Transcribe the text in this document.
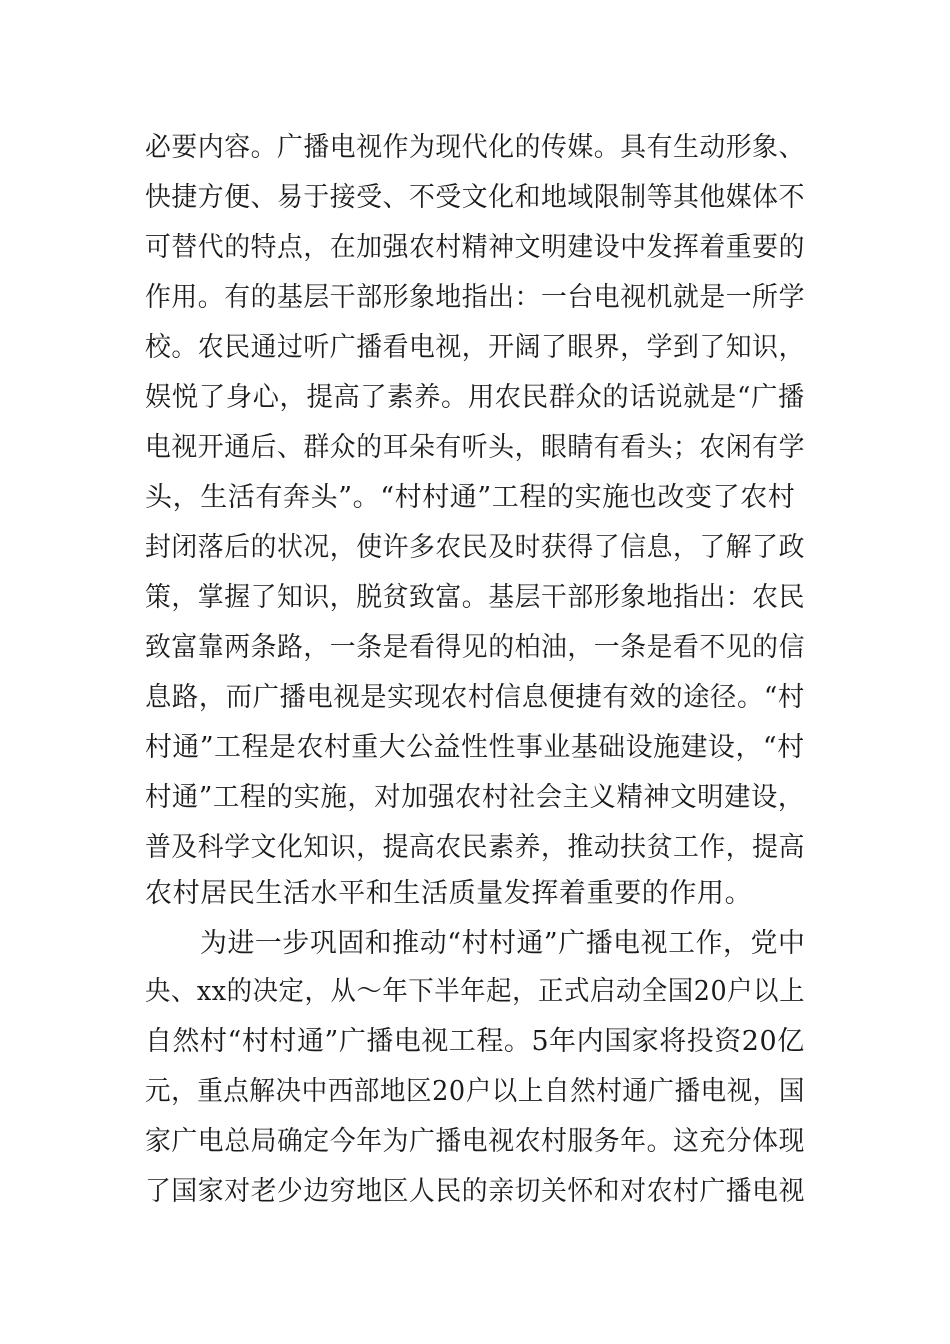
必要内容。广播电视作为现代化的传媒。具有生动形象、
快捷方便、易于接受、不受文化和地域限制等其他媒体不
可替代的特点，在加强农村精神文明建设中发挥着重要的
作用。有的基层干部形象地指出：一台电视机就是一所学
校。农民通过听广播看电视，开阔了眼界，学到了知识，
娱悦了身心，提高了素养。用农民群众的话说就是“广播
电视开通后、群众的耳朵有听头，眼睛有看头；农闲有学
头，生活有奔头”。“村村通”工程的实施也改变了农村
封闭落后的状况，使许多农民及时获得了信息，了解了政
策，掌握了知识，脱贫致富。基层干部形象地指出：农民
致富靠两条路，一条是看得见的柏油，一条是看不见的信
息路，而广播电视是实现农村信息便捷有效的途径。“村
村通”工程是农村重大公益性性事业基础设施建设，“村
村通”工程的实施，对加强农村社会主义精神文明建设，
普及科学文化知识，提高农民素养，推动扶贫工作，提高
农村居民生活水平和生活质量发挥着重要的作用。
为进一步巩固和推动“村村通”广播电视工作，党中
央、xx的决定，从～年下半年起，正式启动全国20户以上
自然村“村村通”广播电视工程。5年内国家将投资20亿
元，重点解决中西部地区20户以上自然村通广播电视，国
家广电总局确定今年为广播电视农村服务年。这充分体现
了国家对老少边穷地区人民的亲切关怀和对农村广播电视
